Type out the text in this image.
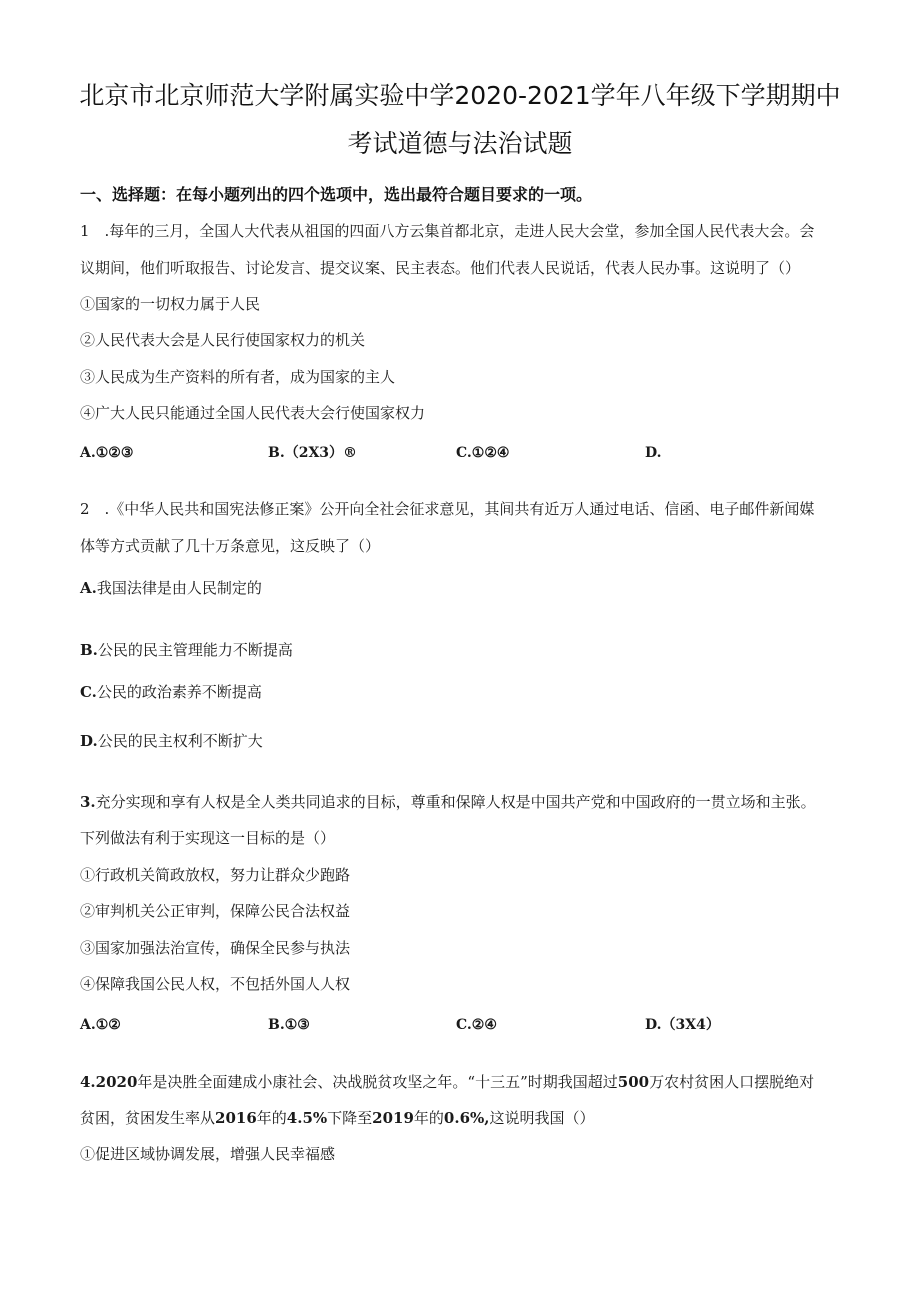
北京市北京师范大学附属实验中学2020-2021学年八年级下学期期中
考试道德与法治试题
一、选择题：在每小题列出的四个选项中，选出最符合题目要求的一项。
1　.每年的三月，全国人大代表从祖国的四面八方云集首都北京，走进人民大会堂，参加全国人民代表大会。会
议期间，他们听取报告、讨论发言、提交议案、民主表态。他们代表人民说话，代表人民办事。这说明了（）
①国家的一切权力属于人民
②人民代表大会是人民行使国家权力的机关
③人民成为生产资料的所有者，成为国家的主人
④广大人民只能通过全国人民代表大会行使国家权力
A.①②③	B.（2X3）®	C.①②④	D.
2　.《中华人民共和国宪法修正案》公开向全社会征求意见，其间共有近万人通过电话、信函、电子邮件新闻媒
体等方式贡献了几十万条意见，这反映了（）
A.我国法律是由人民制定的
B.公民的民主管理能力不断提高
C.公民的政治素养不断提高
D.公民的民主权利不断扩大
3.充分实现和享有人权是全人类共同追求的目标，尊重和保障人权是中国共产党和中国政府的一贯立场和主张。
下列做法有利于实现这一目标的是（）
①行政机关简政放权，努力让群众少跑路
②审判机关公正审判，保障公民合法权益
③国家加强法治宣传，确保全民参与执法
④保障我国公民人权，不包括外国人人权
A.①②	B.①③	C.②④	D.（3X4）
4.2020年是决胜全面建成小康社会、决战脱贫攻坚之年。“十三五”时期我国超过500万农村贫困人口摆脱绝对
贫困，贫困发生率从2016年的4.5%下降至2019年的0.6%,这说明我国（）
①促进区域协调发展，增强人民幸福感
